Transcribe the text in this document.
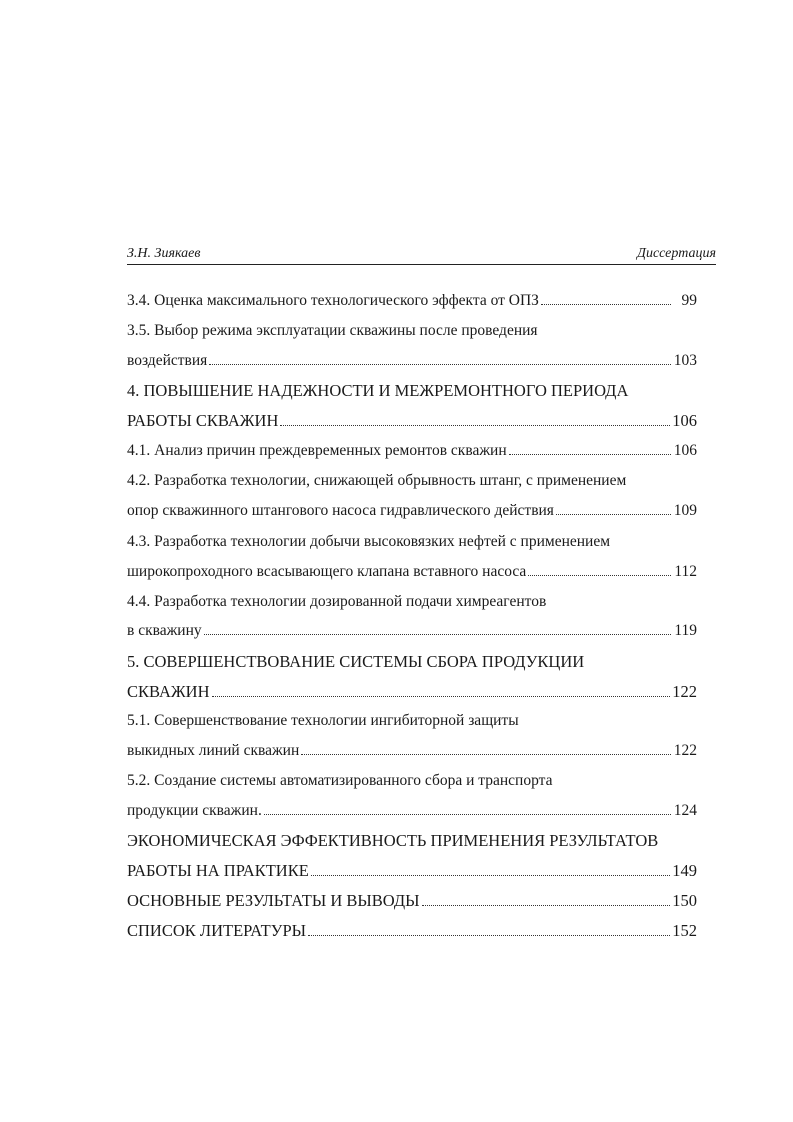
З.Н. Зиякаев	Диссертация
3.4. Оценка максимального технологического эффекта от ОПЗ	99
3.5. Выбор режима эксплуатации скважины после проведения
воздействия	103
4. ПОВЫШЕНИЕ НАДЕЖНОСТИ И МЕЖРЕМОНТНОГО ПЕРИОДА
РАБОТЫ СКВАЖИН	106
4.1. Анализ причин преждевременных ремонтов скважин	106
4.2. Разработка технологии, снижающей обрывность штанг, с применением
опор скважинного штангового насоса гидравлического действия	109
4.3. Разработка технологии добычи высоковязких нефтей с применением
широкопроходного всасывающего клапана вставного насоса	112
4.4. Разработка технологии дозированной подачи химреагентов
в скважину	119
5. СОВЕРШЕНСТВОВАНИЕ СИСТЕМЫ СБОРА ПРОДУКЦИИ
СКВАЖИН	122
5.1. Совершенствование технологии ингибиторной защиты
выкидных линий скважин	122
5.2. Создание системы автоматизированного сбора и транспорта
продукции скважин.	124
ЭКОНОМИЧЕСКАЯ ЭФФЕКТИВНОСТЬ ПРИМЕНЕНИЯ РЕЗУЛЬТАТОВ
РАБОТЫ НА ПРАКТИКЕ	149
ОСНОВНЫЕ РЕЗУЛЬТАТЫ И ВЫВОДЫ	150
СПИСОК ЛИТЕРАТУРЫ	152
